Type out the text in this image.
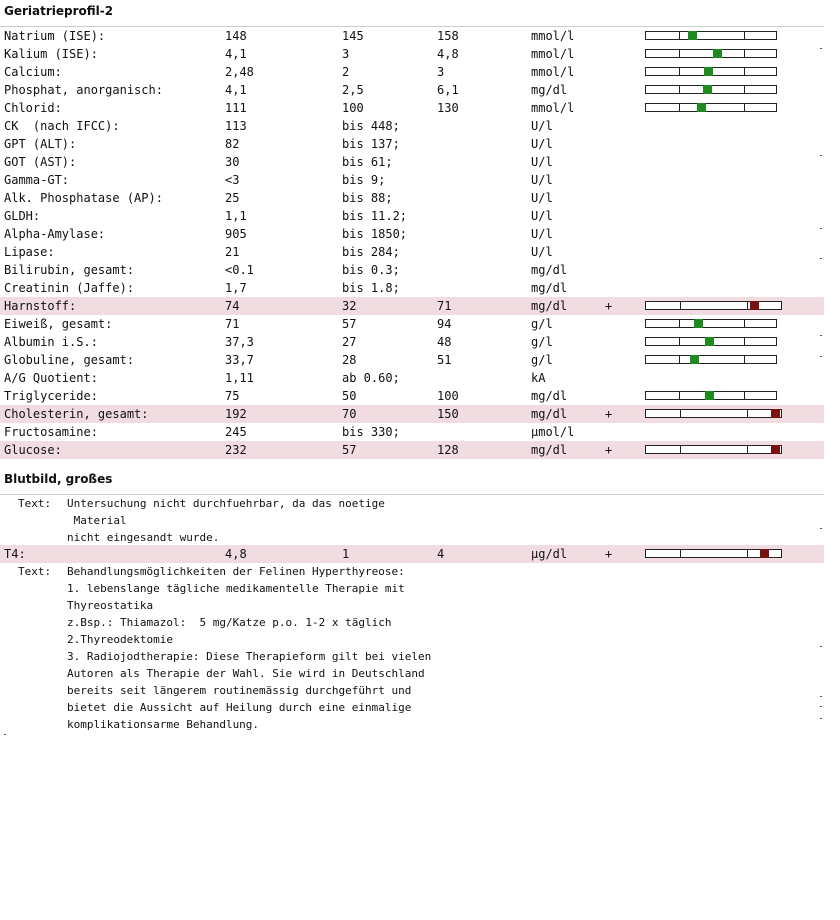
Geriatrieprofil-2
Natrium (ISE):	148	145	158	mmol/l
Kalium (ISE):	4,1	3	4,8	mmol/l
Calcium:	2,48	2	3	mmol/l
Phosphat, anorganisch:	4,1	2,5	6,1	mg/dl
Chlorid:	111	100	130	mmol/l
CK  (nach IFCC):	113	bis 448;	U/l
GPT (ALT):	82	bis 137;	U/l
GOT (AST):	30	bis 61;	U/l
Gamma-GT:	<3	bis 9;	U/l
Alk. Phosphatase (AP):	25	bis 88;	U/l
GLDH:	1,1	bis 11.2;	U/l
Alpha-Amylase:	905	bis 1850;	U/l
Lipase:	21	bis 284;	U/l
Bilirubin, gesamt:	<0.1	bis 0.3;	mg/dl
Creatinin (Jaffe):	1,7	bis 1.8;	mg/dl
Harnstoff:	74	32	71	mg/dl	+
Eiweiß, gesamt:	71	57	94	g/l
Albumin i.S.:	37,3	27	48	g/l
Globuline, gesamt:	33,7	28	51	g/l
A/G Quotient:	1,11	ab 0.60;	kA
Triglyceride:	75	50	100	mg/dl
Cholesterin, gesamt:	192	70	150	mg/dl	+
Fructosamine:	245	bis 330;	µmol/l
Glucose:	232	57	128	mg/dl	+
Blutbild, großes
Text: Untersuchung nicht durchfuehrbar, da das noetige
Material
nicht eingesandt wurde.
T4:	4,8	1	4	µg/dl	+
Text: Behandlungsmöglichkeiten der Felinen Hyperthyreose:
1. lebenslange tägliche medikamentelle Therapie mit
Thyreostatika
z.Bsp.: Thiamazol:  5 mg/Katze p.o. 1-2 x täglich
2.Thyreodektomie
3. Radiojodtherapie: Diese Therapieform gilt bei vielen
Autoren als Therapie der Wahl. Sie wird in Deutschland
bereits seit längerem routinemässig durchgeführt und
bietet die Aussicht auf Heilung durch eine einmalige
komplikationsarme Behandlung.
